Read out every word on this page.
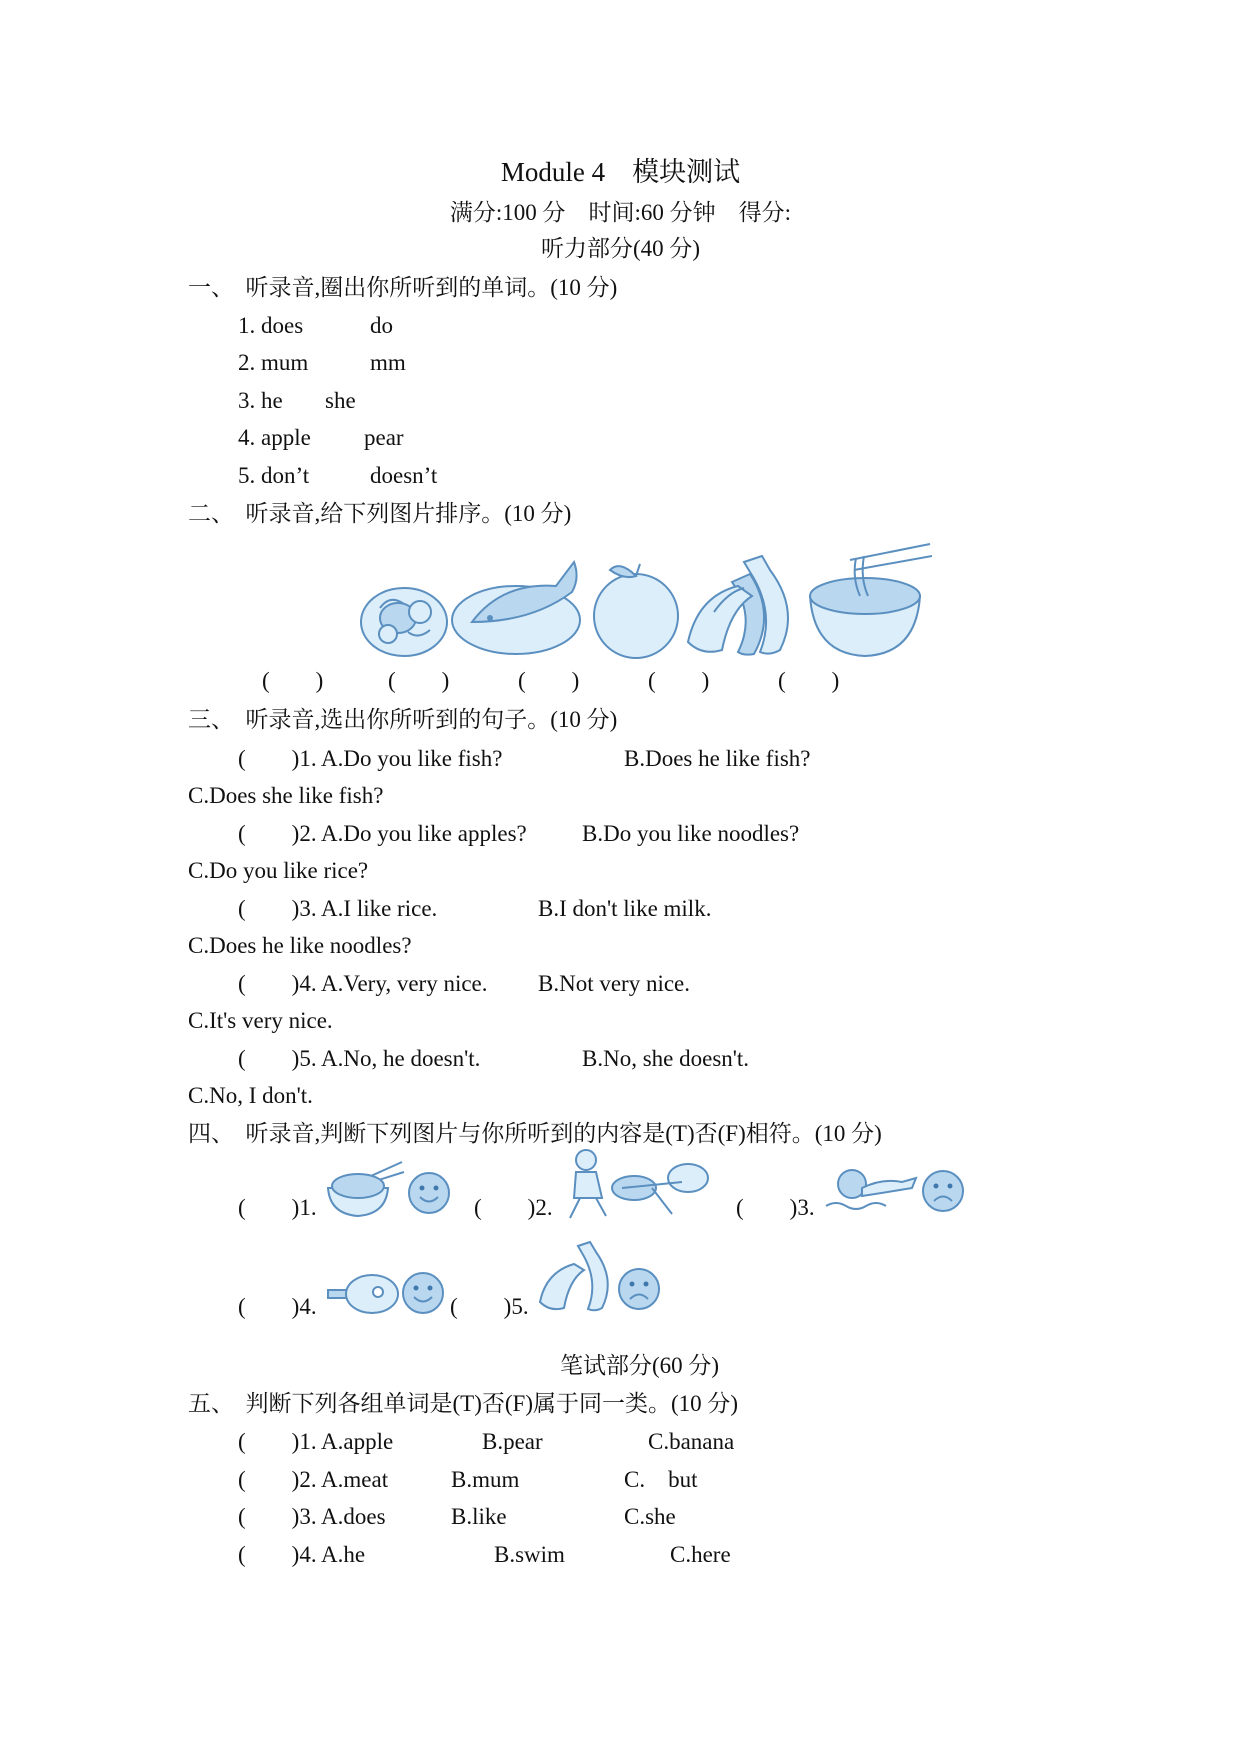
Module 4    模块测试
满分:100 分    时间:60 分钟    得分:
听力部分(40 分)
一、  听录音,圈出你所听到的单词。(10 分)
1. does	do
2. mum	mm
3. he she
4. apple pear
5. don’t	doesn’t
二、  听录音,给下列图片排序。(10 分)
(        )	(        )	(        )	(        )	(        )
三、  听录音,选出你所听到的句子。(10 分)
(        )1. A.Do you like fish?	B.Does he like fish?
C.Does she like fish?
(        )2. A.Do you like apples? B.Do you like noodles?
C.Do you like rice?
(        )3. A.I like rice.	B.I don't like milk.
C.Does he like noodles?
(        )4. A.Very, very nice. B.Not very nice.
C.It's very nice.
(        )5. A.No, he doesn't.	B.No, she doesn't.
C.No, I don't.
四、  听录音,判断下列图片与你所听到的内容是(T)否(F)相符。(10 分)
(        )1.	(        )2.	(        )3.
(        )4.	(        )5.
笔试部分(60 分)
五、  判断下列各组单词是(T)否(F)属于同一类。(10 分)
(        )1. A.apple	B.pear	C.banana
(        )2. A.meat	B.mum	C.    but
(        )3. A.does	B.like	C.she
(        )4. A.he	B.swim	C.here
